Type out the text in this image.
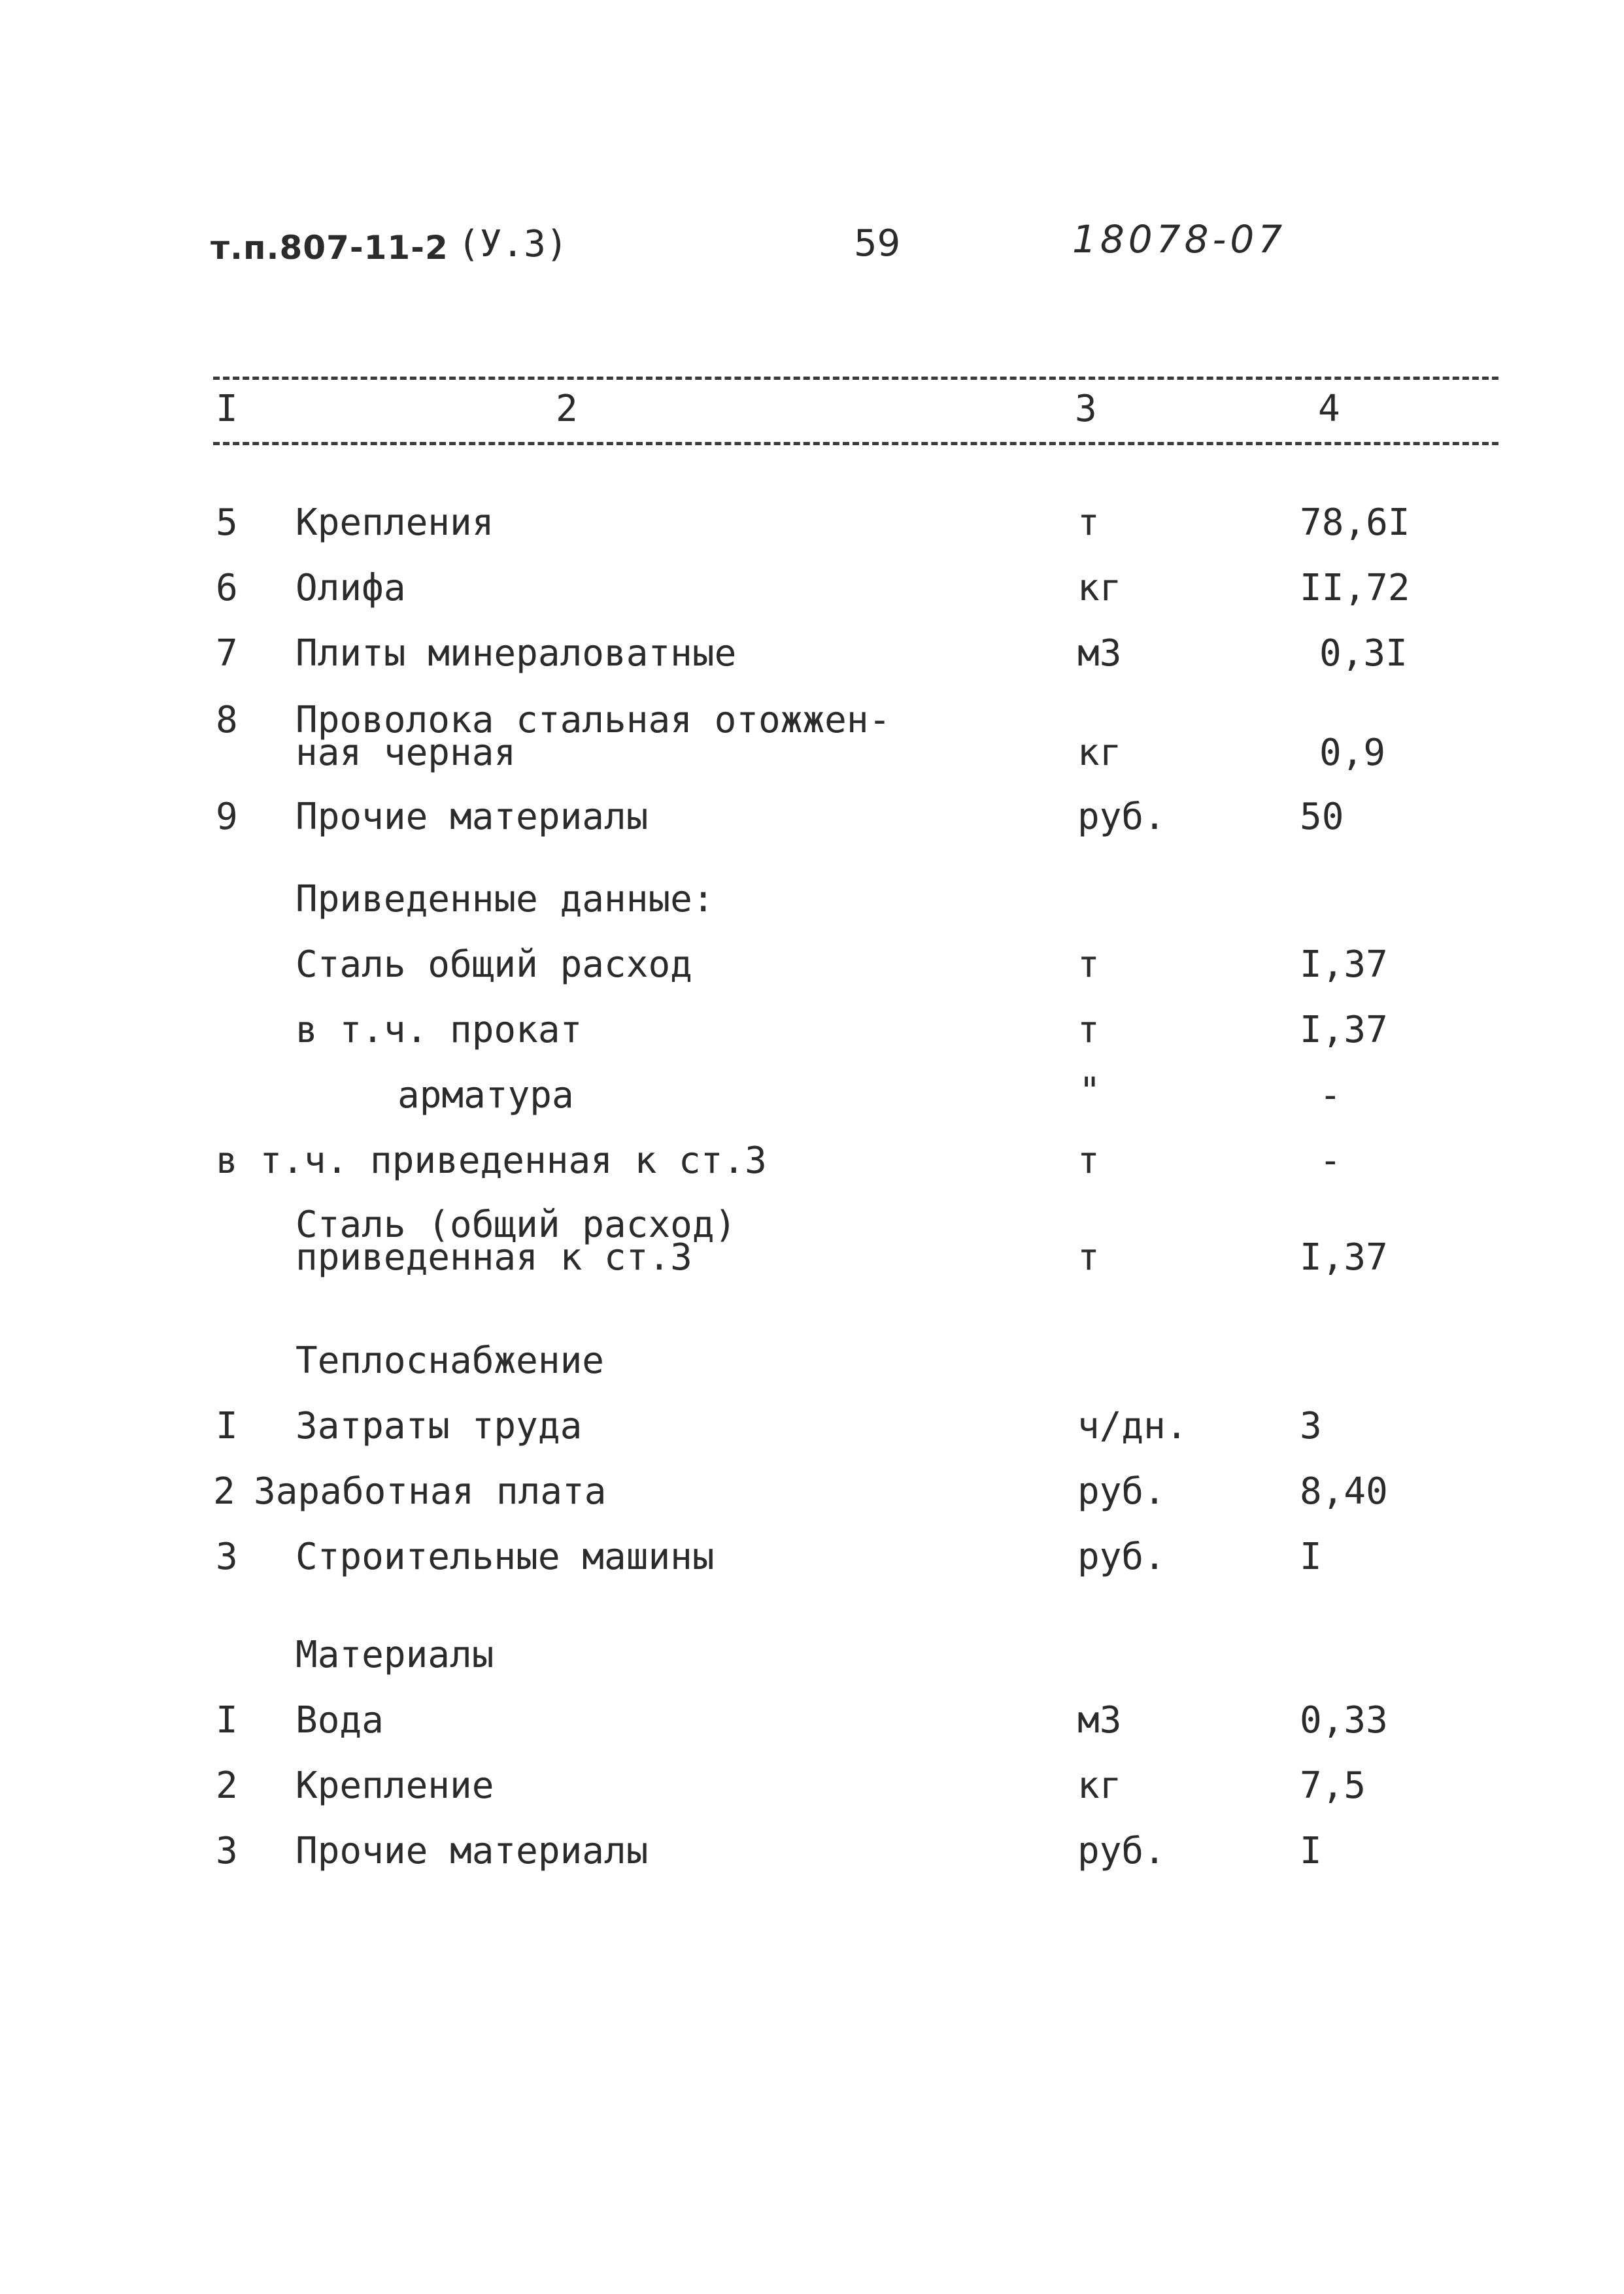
т.п.807-11-2 (У.3)	59	18078-07
I	2	3	4
5 Крепления	т	78,6I
6 Олифа	кг	II,72
7 Плиты минераловатные	м3	0,3I
8 Проволока стальная отожжен-
ная черная	кг	0,9
9 Прочие материалы	руб.	50
Приведенные данные:
Сталь общий расход	т	I,37
в т.ч. прокат	т	I,37
арматура	"	-
в т.ч. приведенная к ст.3	т	-
Сталь (общий расход)
приведенная к ст.3	т	I,37
Теплоснабжение
I Затраты труда	ч/дн.	3
2 Заработная плата	руб.	8,40
3 Строительные машины	руб.	I
Материалы
I Вода	м3	0,33
2 Крепление	кг	7,5
3 Прочие материалы	руб.	I
